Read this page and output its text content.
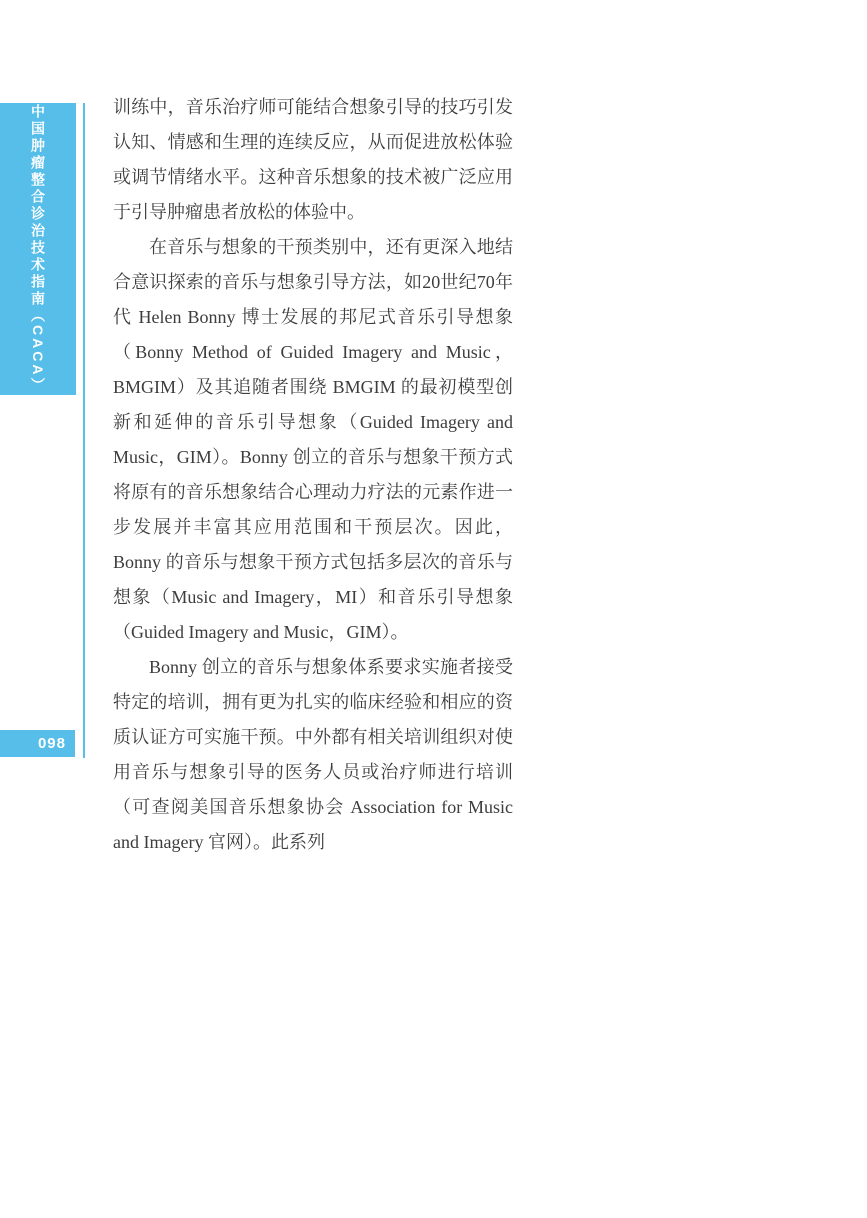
中国肿瘤整合诊治技术指南（CACA）
098

训练中，音乐治疗师可能结合想象引导的技巧引发认知、情感和生理的连续反应，从而促进放松体验或调节情绪水平。这种音乐想象的技术被广泛应用于引导肿瘤患者放松的体验中。

在音乐与想象的干预类别中，还有更深入地结合意识探索的音乐与想象引导方法，如20世纪70年代 Helen Bonny 博士发展的邦尼式音乐引导想象（Bonny Method of Guided Imagery and Music，BMGIM）及其追随者围绕 BMGIM 的最初模型创新和延伸的音乐引导想象（Guided Imagery and Music，GIM）。Bonny 创立的音乐与想象干预方式将原有的音乐想象结合心理动力疗法的元素作进一步发展并丰富其应用范围和干预层次。因此，Bonny 的音乐与想象干预方式包括多层次的音乐与想象（Music and Imagery，MI）和音乐引导想象（Guided Imagery and Music，GIM）。

Bonny 创立的音乐与想象体系要求实施者接受特定的培训，拥有更为扎实的临床经验和相应的资质认证方可实施干预。中外都有相关培训组织对使用音乐与想象引导的医务人员或治疗师进行培训（可查阅美国音乐想象协会 Association for Music and Imagery 官网）。此系列
